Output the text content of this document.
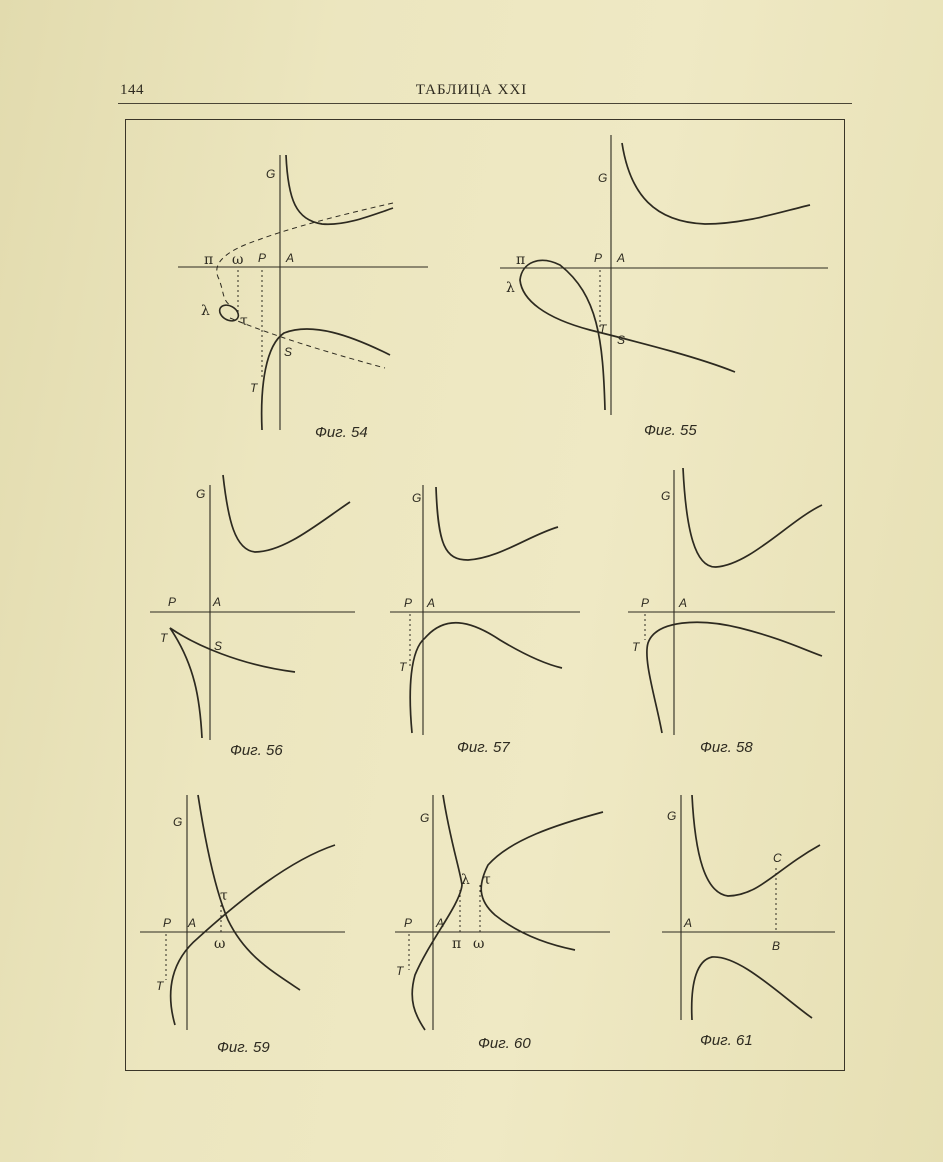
144	ТАБЛИЦА XXI
G
A
P
π ω
λ
τ
S
T
Фиг. 54
G
A
P
π
λ
T
S
Фиг. 55
G
A
P
T
S
Фиг. 56
G
A
P
T
Фиг. 57
G
A
P
T
Фиг. 58
G
A
P
T
τ
ω
Фиг. 59
G
A
P
T
λ τ
π ω
Фиг. 60
G
A
B
C
Фиг. 61
